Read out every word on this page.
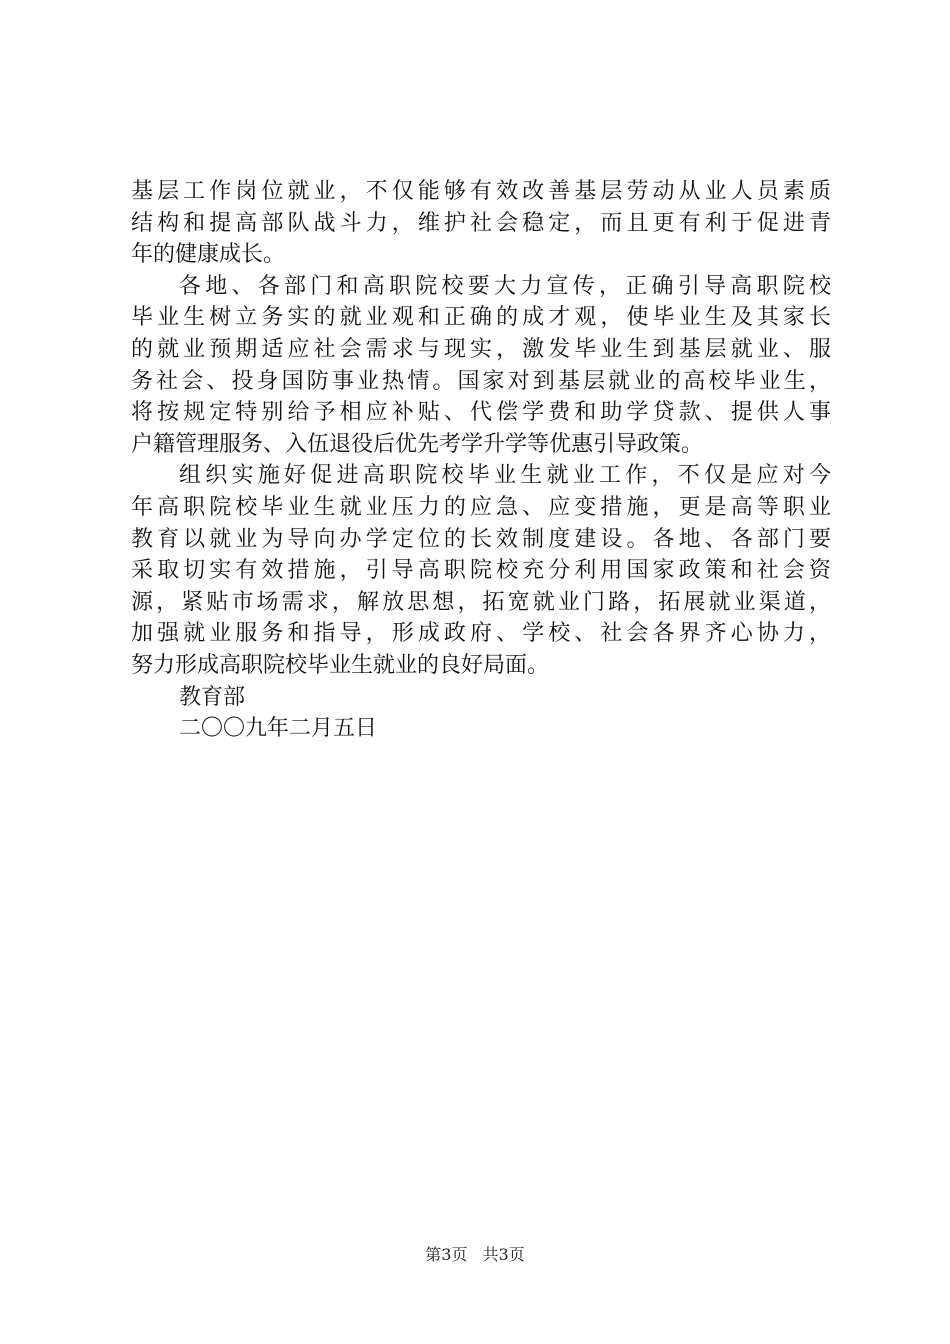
基层工作岗位就业，不仅能够有效改善基层劳动从业人员素质
结构和提高部队战斗力，维护社会稳定，而且更有利于促进青
年的健康成长。
各地、各部门和高职院校要大力宣传，正确引导高职院校
毕业生树立务实的就业观和正确的成才观，使毕业生及其家长
的就业预期适应社会需求与现实，激发毕业生到基层就业、服
务社会、投身国防事业热情。国家对到基层就业的高校毕业生，
将按规定特别给予相应补贴、代偿学费和助学贷款、提供人事
户籍管理服务、入伍退役后优先考学升学等优惠引导政策。
组织实施好促进高职院校毕业生就业工作，不仅是应对今
年高职院校毕业生就业压力的应急、应变措施，更是高等职业
教育以就业为导向办学定位的长效制度建设。各地、各部门要
采取切实有效措施，引导高职院校充分利用国家政策和社会资
源，紧贴市场需求，解放思想，拓宽就业门路，拓展就业渠道，
加强就业服务和指导，形成政府、学校、社会各界齐心协力，
努力形成高职院校毕业生就业的良好局面。
教育部
二〇〇九年二月五日
第3页 共3页
